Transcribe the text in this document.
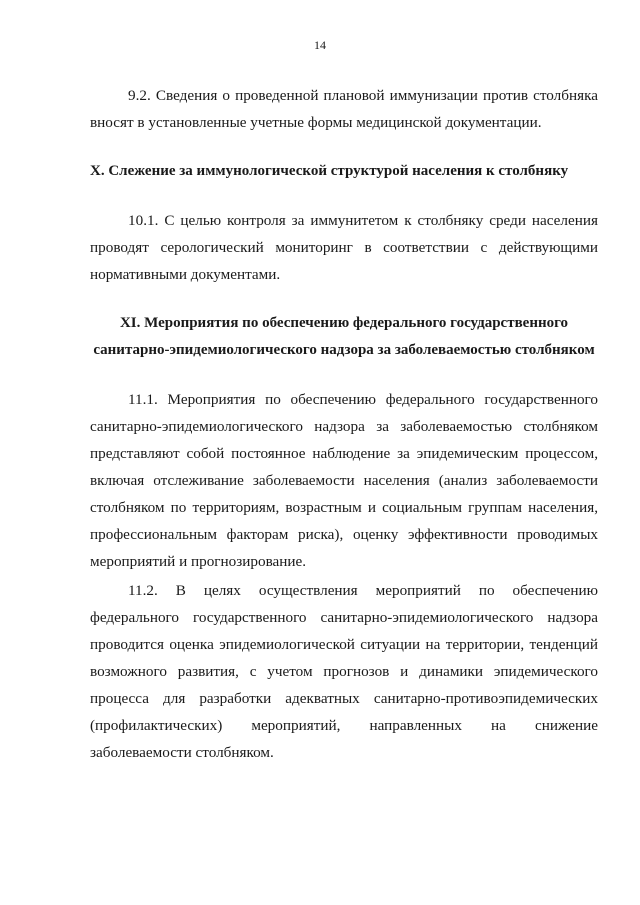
14

9.2. Сведения о проведенной плановой иммунизации против столбняка вносят в установленные учетные формы медицинской документации.

X. Слежение за иммунологической структурой населения к столбняку

10.1. С целью контроля за иммунитетом к столбняку среди населения проводят серологический мониторинг в соответствии с действующими нормативными документами.

XI. Мероприятия по обеспечению федерального государственного санитарно-эпидемиологического надзора за заболеваемостью столбняком

11.1. Мероприятия по обеспечению федерального государственного санитарно-эпидемиологического надзора за заболеваемостью столбняком представляют собой постоянное наблюдение за эпидемическим процессом, включая отслеживание заболеваемости населения (анализ заболеваемости столбняком по территориям, возрастным и социальным группам населения, профессиональным факторам риска), оценку эффективности проводимых мероприятий и прогнозирование.

11.2. В целях осуществления мероприятий по обеспечению федерального государственного санитарно-эпидемиологического надзора проводится оценка эпидемиологической ситуации на территории, тенденций возможного развития, с учетом прогнозов и динамики эпидемического процесса для разработки адекватных санитарно-противоэпидемических (профилактических) мероприятий, направленных на снижение заболеваемости столбняком.
